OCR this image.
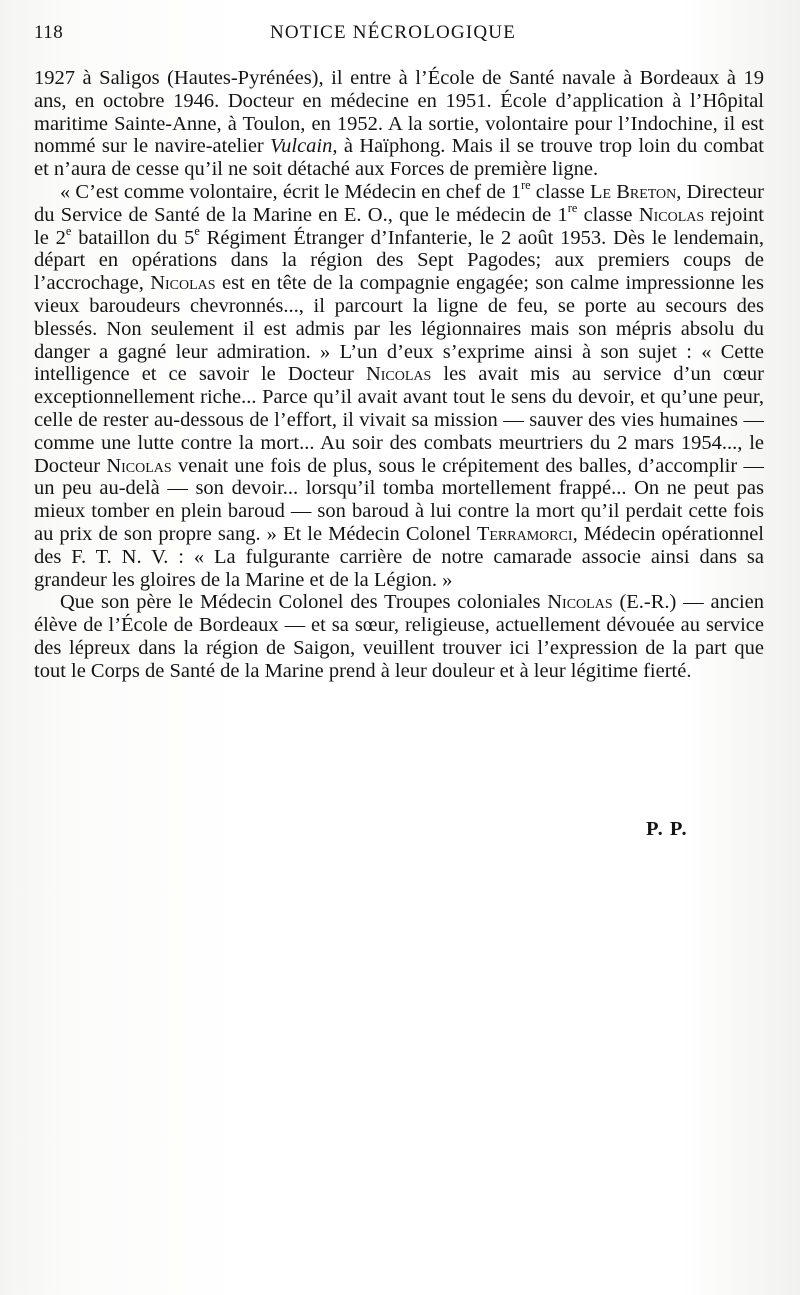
118	NOTICE NÉCROLOGIQUE

1927 à Saligos (Hautes-Pyrénées), il entre à l’École de Santé navale à Bordeaux à 19 ans, en octobre 1946. Docteur en médecine en 1951. École d’application à l’Hôpital maritime Sainte-Anne, à Toulon, en 1952. A la sortie, volontaire pour l’Indochine, il est nommé sur le navire-atelier Vulcain, à Haïphong. Mais il se trouve trop loin du combat et n’aura de cesse qu’il ne soit détaché aux Forces de première ligne.

« C’est comme volontaire, écrit le Médecin en chef de 1re classe Le Breton, Directeur du Service de Santé de la Marine en E. O., que le médecin de 1re classe Nicolas rejoint le 2e bataillon du 5e Régiment Étranger d’Infanterie, le 2 août 1953. Dès le lendemain, départ en opérations dans la région des Sept Pagodes; aux premiers coups de l’accrochage, Nicolas est en tête de la compagnie engagée; son calme impressionne les vieux baroudeurs chevronnés..., il parcourt la ligne de feu, se porte au secours des blessés. Non seulement il est admis par les légionnaires mais son mépris absolu du danger a gagné leur admiration. » L’un d’eux s’exprime ainsi à son sujet : « Cette intelligence et ce savoir le Docteur Nicolas les avait mis au service d’un cœur exceptionnellement riche... Parce qu’il avait avant tout le sens du devoir, et qu’une peur, celle de rester au-dessous de l’effort, il vivait sa mission — sauver des vies humaines — comme une lutte contre la mort... Au soir des combats meurtriers du 2 mars 1954..., le Docteur Nicolas venait une fois de plus, sous le crépitement des balles, d’accomplir — un peu au-delà — son devoir... lorsqu’il tomba mortellement frappé... On ne peut pas mieux tomber en plein baroud — son baroud à lui contre la mort qu’il perdait cette fois au prix de son propre sang. » Et le Médecin Colonel Terramorci, Médecin opérationnel des F. T. N. V. : « La fulgurante carrière de notre camarade associe ainsi dans sa grandeur les gloires de la Marine et de la Légion. »

Que son père le Médecin Colonel des Troupes coloniales Nicolas (E.-R.) — ancien élève de l’École de Bordeaux — et sa sœur, religieuse, actuellement dévouée au service des lépreux dans la région de Saigon, veuillent trouver ici l’expression de la part que tout le Corps de Santé de la Marine prend à leur douleur et à leur légitime fierté.

P. P.
